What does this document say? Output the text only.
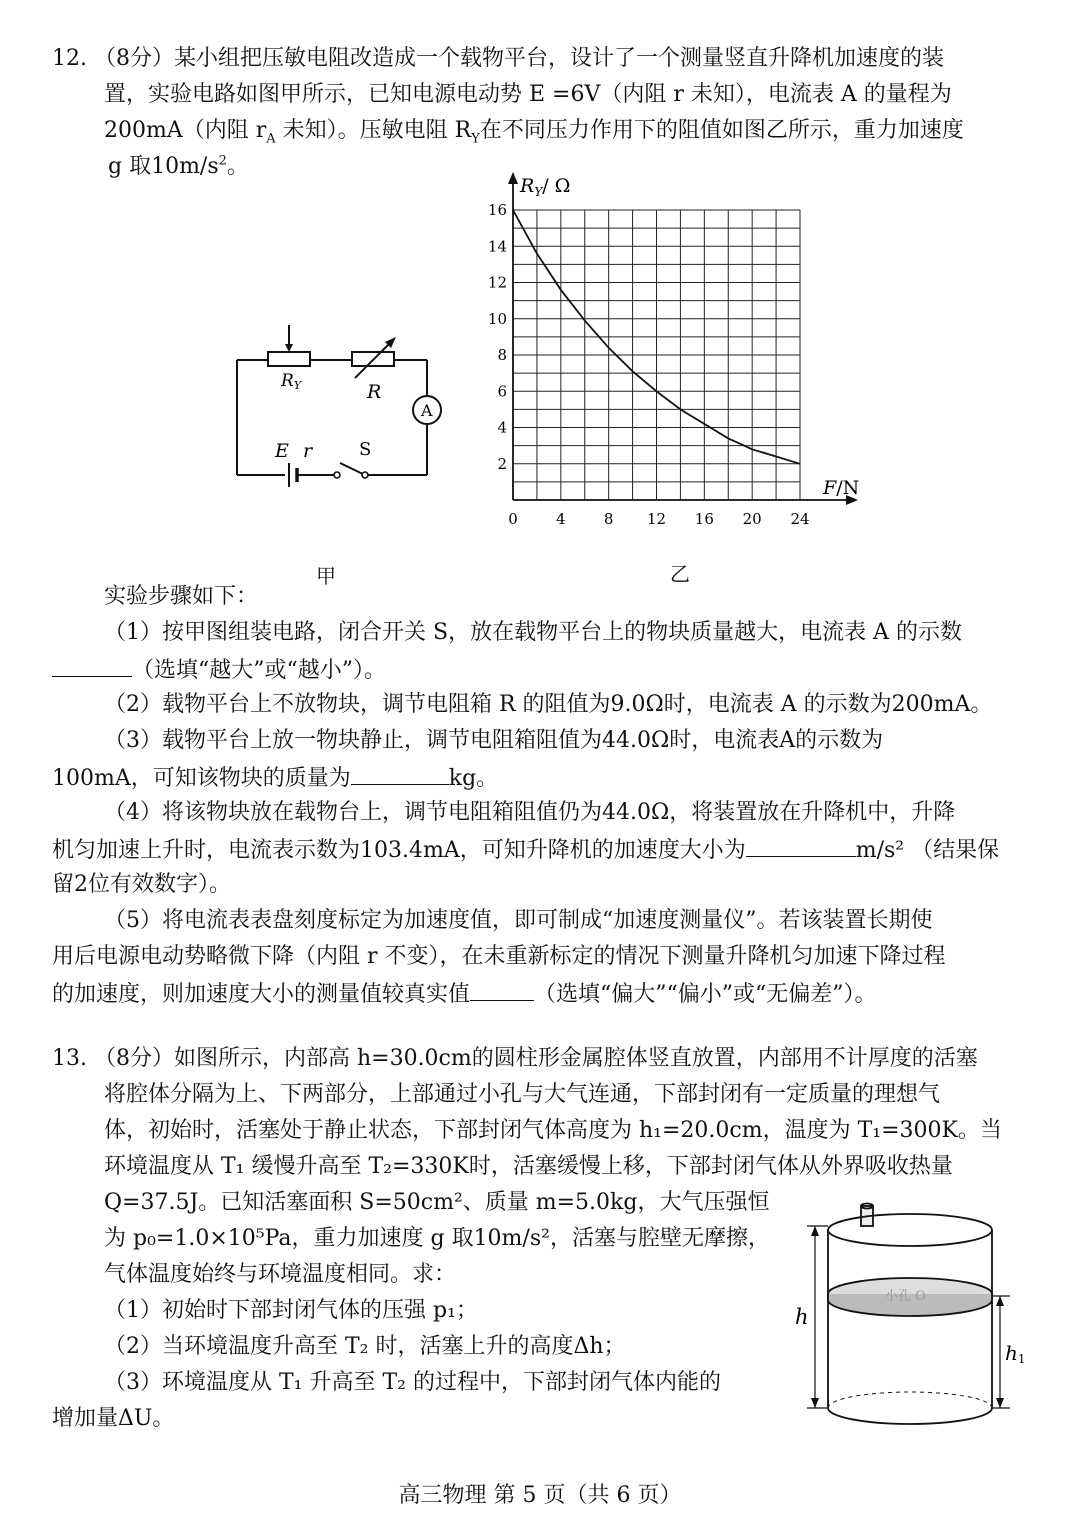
12. （8分）某小组把压敏电阻改造成一个载物平台，设计了一个测量竖直升降机加速度的装
置，实验电路如图甲所示，已知电源电动势 E =6V（内阻 r 未知），电流表 A 的量程为
200mA（内阻 $r_A$ 未知）。压敏电阻 $R_Y$在不同压力作用下的阻值如图乙所示，重力加速度
g 取$10m/s^2$。
RY	R
A
E r	S
甲
0	4	8 12 16 20 24
2
4
6
8
10
12
14
16
$R_Y/$ Ω
F/N
乙
实验步骤如下：
（1）按甲图组装电路，闭合开关 S，放在载物平台上的物块质量越大，电流表 A 的示数
（选填“越大”或“越小”）。
（2）载物平台上不放物块，调节电阻箱 R 的阻值为9.0Ω时，电流表 A 的示数为200mA。
（3）载物平台上放一物块静止，调节电阻箱阻值为44.0Ω时，电流表A的示数为
100mA，可知该物块的质量为	kg。
（4）将该物块放在载物台上，调节电阻箱阻值仍为44.0Ω，将装置放在升降机中，升降
机匀加速上升时，电流表示数为103.4mA，可知升降机的加速度大小为	m/s² （结果保
留2位有效数字）。
（5）将电流表表盘刻度标定为加速度值，即可制成“加速度测量仪”。若该装置长期使
用后电源电动势略微下降（内阻 r 不变），在未重新标定的情况下测量升降机匀加速下降过程
的加速度，则加速度大小的测量值较真实值	（选填“偏大”“偏小”或“无偏差”）。
13. （8分）如图所示，内部高 h=30.0cm的圆柱形金属腔体竖直放置，内部用不计厚度的活塞
将腔体分隔为上、下两部分，上部通过小孔与大气连通，下部封闭有一定质量的理想气
体，初始时，活塞处于静止状态，下部封闭气体高度为 h₁=20.0cm，温度为 T₁=300K。当
环境温度从 T₁ 缓慢升高至 T₂=330K时，活塞缓慢上移，下部封闭气体从外界吸收热量
Q=37.5J。已知活塞面积 S=50cm²、质量 m=5.0kg，大气压强恒
为 p₀=1.0×10⁵Pa，重力加速度 g 取10m/s²，活塞与腔壁无摩擦，
气体温度始终与环境温度相同。求：
（1）初始时下部封闭气体的压强 p₁；
（2）当环境温度升高至 T₂ 时，活塞上升的高度Δh；
（3）环境温度从 T₁ 升高至 T₂ 的过程中，下部封闭气体内能的
增加量ΔU。
小孔 O
h
h1
高三物理 第 5 页（共 6 页）
